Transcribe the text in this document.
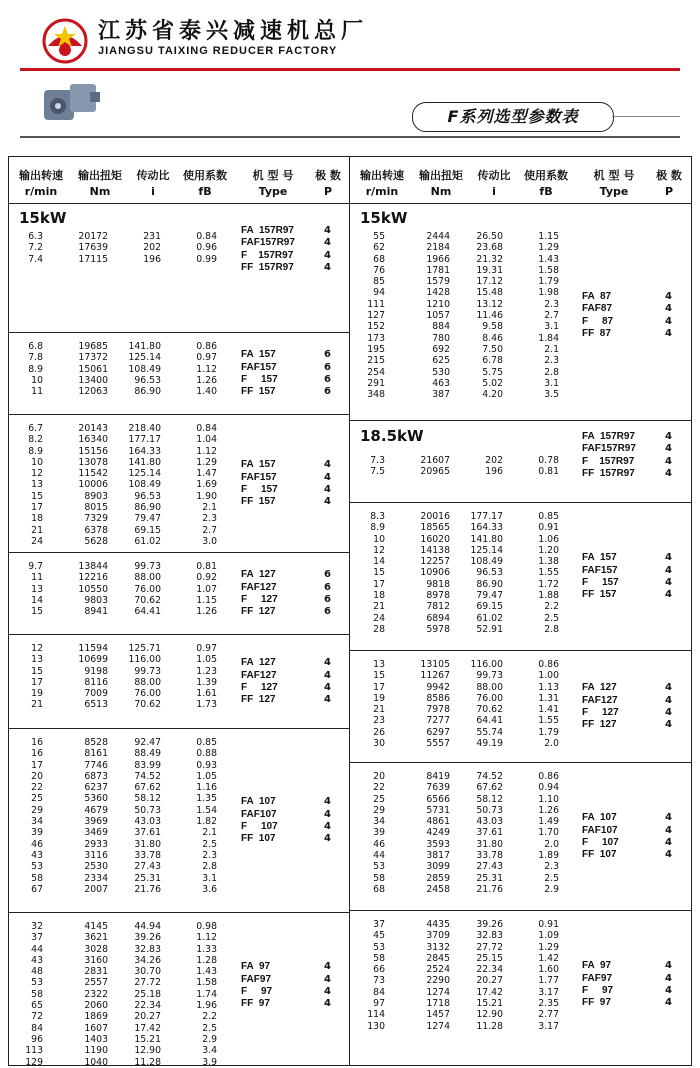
江苏省泰兴减速机总厂
JIANGSU TAIXING REDUCER FACTORY
F系列选型参数表
输出转速
r/min
输出扭矩
Nm
传动比
i
使用系数
fB
机 型 号
Type
极 数
P
15kW
6.3	20172	231	0.84
7.2	17639	202	0.96
7.4	17115	196	0.99
FA  157R97	4
FAF157R97	4
F    157R97	4
FF  157R97	4
6.8	19685 141.80	0.86
7.8	17372 125.14	0.97
8.9	15061 108.49	1.12
10	13400	96.53	1.26
11	12063	86.90	1.40
FA  157	6
FAF157	6
F     157	6
FF  157	6
6.7	20143 218.40	0.84
8.2	16340 177.17	1.04
8.9	15156 164.33	1.12
10	13078 141.80	1.29
12	11542 125.14	1.47
13	10006 108.49	1.69
15	8903	96.53	1.90
17	8015	86.90	2.1
18	7329	79.47	2.3
21	6378	69.15	2.7
24	5628	61.02	3.0
FA  157	4
FAF157	4
F     157	4
FF  157	4
9.7	13844	99.73	0.81
11	12216	88.00	0.92
13	10550	76.00	1.07
14	9803	70.62	1.15
15	8941	64.41	1.26
FA  127	6
FAF127	6
F     127	6
FF  127	6
12	11594 125.71	0.97
13	10699 116.00	1.05
15	9198	99.73	1.23
17	8116	88.00	1.39
19	7009	76.00	1.61
21	6513	70.62	1.73
FA  127	4
FAF127	4
F     127	4
FF  127	4
16	8528	92.47	0.85
16	8161	88.49	0.88
17	7746	83.99	0.93
20	6873	74.52	1.05
22	6237	67.62	1.16
25	5360	58.12	1.35
29	4679	50.73	1.54
34	3969	43.03	1.82
39	3469	37.61	2.1
46	2933	31.80	2.5
43	3116	33.78	2.3
53	2530	27.43	2.8
58	2334	25.31	3.1
67	2007	21.76	3.6
FA  107	4
FAF107	4
F     107	4
FF  107	4
32	4145	44.94	0.98
37	3621	39.26	1.12
44	3028	32.83	1.33
43	3160	34.26	1.28
48	2831	30.70	1.43
53	2557	27.72	1.58
58	2322	25.18	1.74
65	2060	22.34	1.96
72	1869	20.27	2.2
84	1607	17.42	2.5
96	1403	15.21	2.9
113	1190	12.90	3.4
129	1040	11.28	3.9
FA  97	4
FAF97	4
F     97	4
FF  97	4
输出转速
r/min
输出扭矩
Nm
传动比
i
使用系数
fB
机 型 号
Type
极 数
P
15kW
55	2444	26.50	1.15
62	2184	23.68	1.29
68	1966	21.32	1.43
76	1781	19.31	1.58
85	1579	17.12	1.79
94	1428	15.48	1.98
111	1210	13.12	2.3
127	1057	11.46	2.7
152	884	9.58	3.1
173	780	8.46	1.84
195	692	7.50	2.1
215	625	6.78	2.3
254	530	5.75	2.8
291	463	5.02	3.1
348	387	4.20	3.5
FA  87	4
FAF87	4
F     87	4
FF  87	4
18.5kW
7.3	21607	202	0.78
7.5	20965	196	0.81
FA  157R97	4
FAF157R97	4
F    157R97	4
FF  157R97	4
8.3	20016 177.17	0.85
8.9	18565 164.33	0.91
10	16020 141.80	1.06
12	14138 125.14	1.20
14	12257 108.49	1.38
15	10906	96.53	1.55
17	9818	86.90	1.72
18	8978	79.47	1.88
21	7812	69.15	2.2
24	6894	61.02	2.5
28	5978	52.91	2.8
FA  157	4
FAF157	4
F     157	4
FF  157	4
13	13105 116.00	0.86
15	11267	99.73	1.00
17	9942	88.00	1.13
19	8586	76.00	1.31
21	7978	70.62	1.41
23	7277	64.41	1.55
26	6297	55.74	1.79
30	5557	49.19	2.0
FA  127	4
FAF127	4
F     127	4
FF  127	4
20	8419	74.52	0.86
22	7639	67.62	0.94
25	6566	58.12	1.10
29	5731	50.73	1.26
34	4861	43.03	1.49
39	4249	37.61	1.70
46	3593	31.80	2.0
44	3817	33.78	1.89
53	3099	27.43	2.3
58	2859	25.31	2.5
68	2458	21.76	2.9
FA  107	4
FAF107	4
F     107	4
FF  107	4
37	4435	39.26	0.91
45	3709	32.83	1.09
53	3132	27.72	1.29
58	2845	25.15	1.42
66	2524	22.34	1.60
73	2290	20.27	1.77
84	1274	17.42	3.17
97	1718	15.21	2.35
114	1457	12.90	2.77
130	1274	11.28	3.17
FA  97	4
FAF97	4
F     97	4
FF  97	4
